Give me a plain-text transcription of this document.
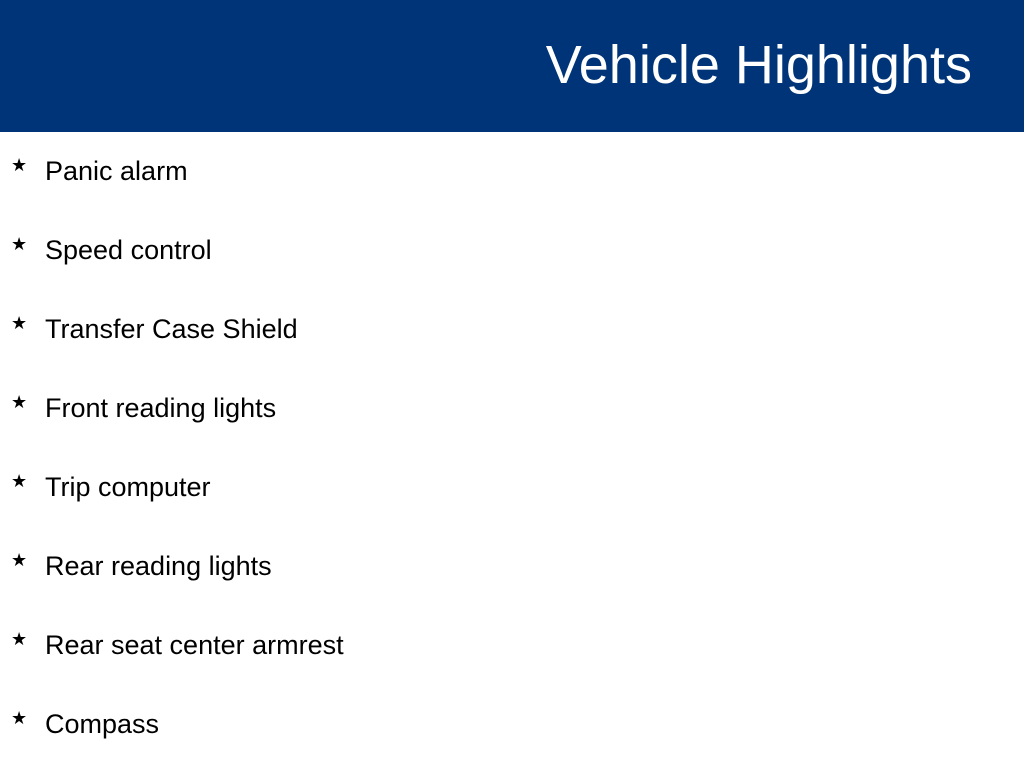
Vehicle Highlights
★ Panic alarm
★ Speed control
★ Transfer Case Shield
★ Front reading lights
★ Trip computer
★ Rear reading lights
★ Rear seat center armrest
★ Compass
